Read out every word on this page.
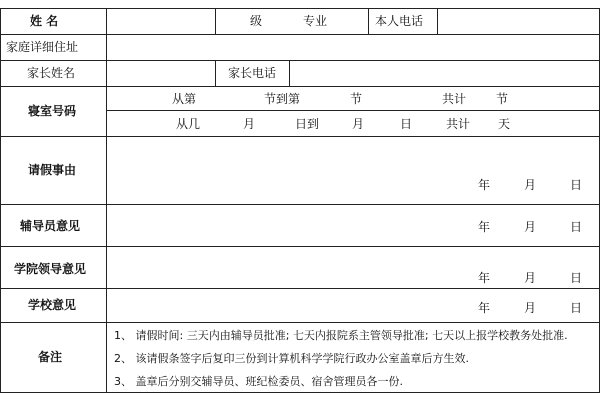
姓 名	级	专业	本人电话
家庭详细住址
家长姓名	家长电话
寝室号码
从第	节到第	节	共计 节
从几	月	日到	月	日	共计 天
请假事由
年	月	日
辅导员意见	年	月	日
学院领导意见
年	月	日
学校意见	年	月	日
备注
1、 请假时间: 三天内由辅导员批准; 七天内报院系主管领导批准; 七天以上报学校教务处批准.
2、 该请假条签字后复印三份到计算机科学学院行政办公室盖章后方生效.
3、 盖章后分别交辅导员、班纪检委员、宿舍管理员各一份.
